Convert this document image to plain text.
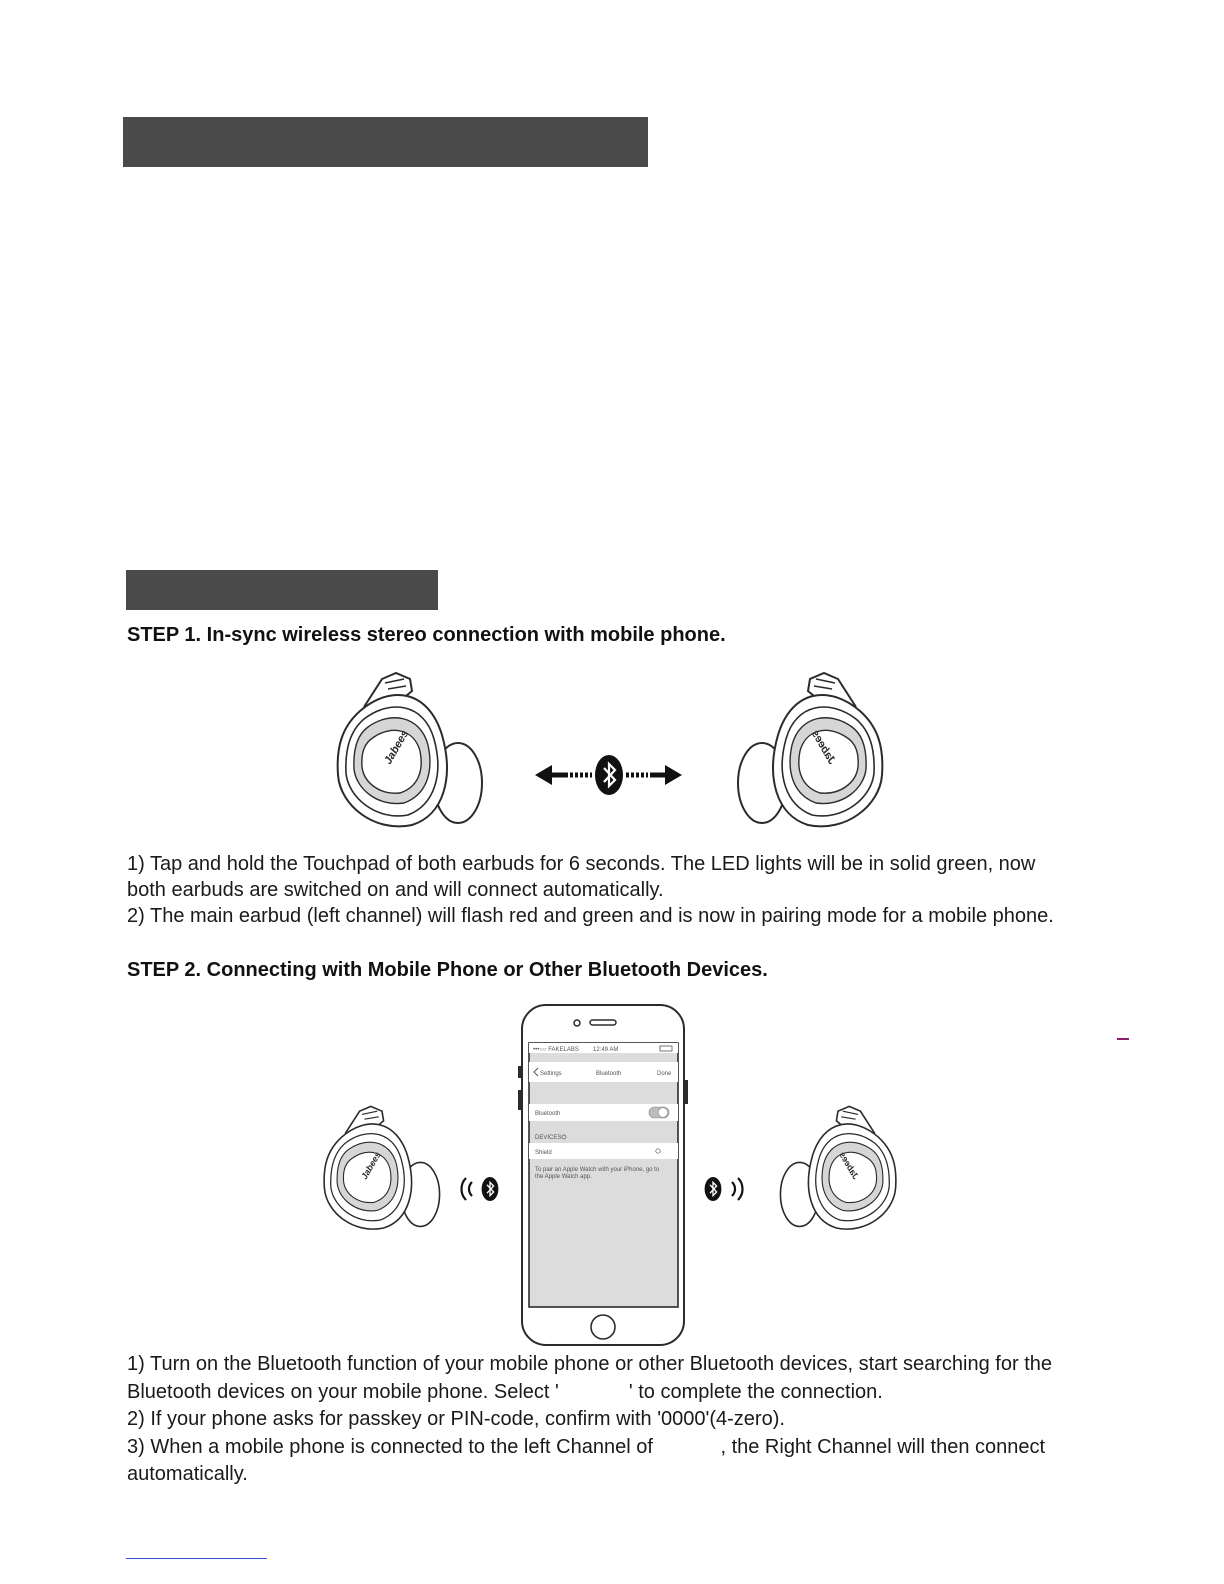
STEP 1. In-sync wireless stereo connection with mobile phone.
1) Tap and hold the Touchpad of both earbuds for 6 seconds. The LED lights will be in solid green, now
both earbuds are switched on and will connect automatically.
2) The main earbud (left channel) will flash red and green and is now in pairing mode for a mobile phone.
STEP 2. Connecting with Mobile Phone or Other Bluetooth Devices.
•••○○ FAKELABS 12:49 AM
Settings	Bluetooth	Done
Bluetooth
DEVICES
Shield
To pair an Apple Watch with your iPhone, go to
the Apple Watch app.
1) Turn on the Bluetooth function of your mobile phone or other Bluetooth devices, start searching for the
Bluetooth devices on your mobile phone. Select '	' to complete the connection.
2) If your phone asks for passkey or PIN-code, confirm with '0000'(4-zero).
3) When a mobile phone is connected to the left Channel of	, the Right Channel will then connect
automatically.
